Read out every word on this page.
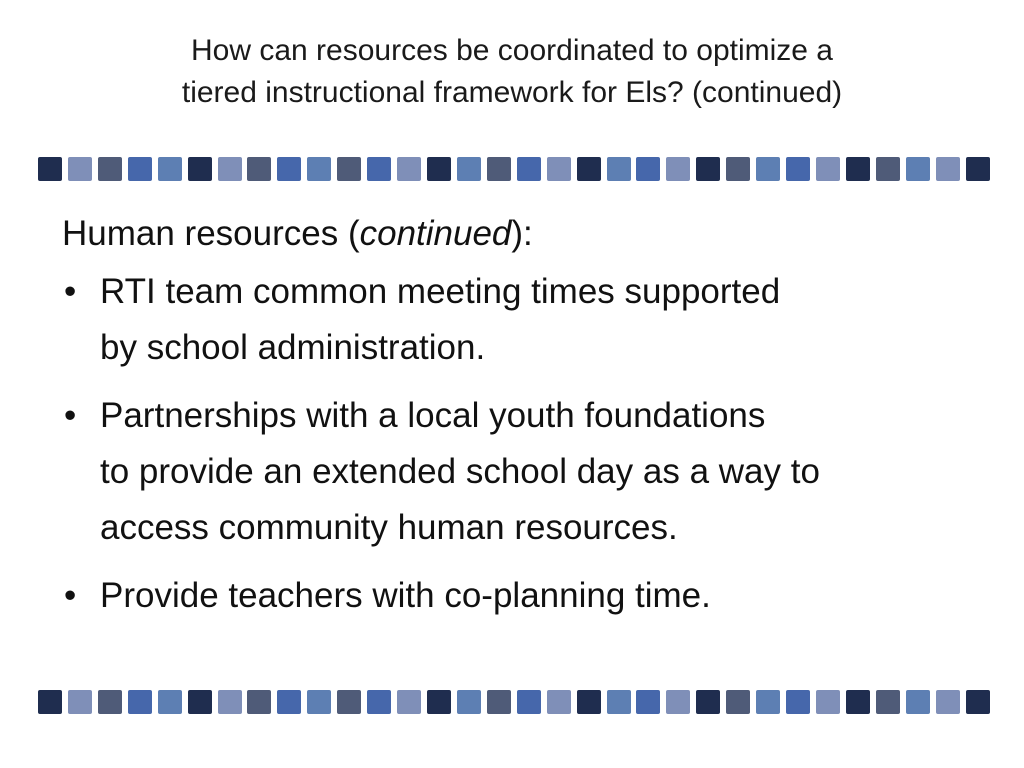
How can resources be coordinated to optimize a
tiered instructional framework for Els? (continued)
Human resources (continued):
• RTI team common meeting times supported
by school administration.
• Partnerships with a local youth foundations
to provide an extended school day as a way to
access community human resources.
• Provide teachers with co-planning time.
